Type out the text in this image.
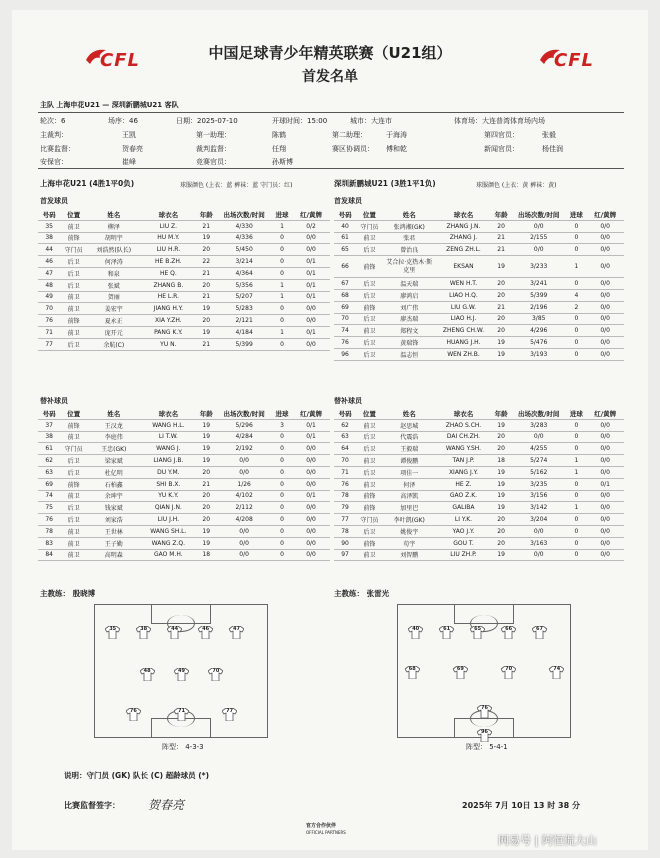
CFL	CFL
中国足球青少年精英联赛（U21组）
首发名单
主队 上海申花U21 — 深圳新鹏城U21 客队
轮次：6	场序：46	日期：2025-07-10	开球时间：15:00	城市：大连市	体育场：大连普湾体育场内场
主裁判：	王凯	第一助理：	陈鹤	第二助理：	于海涛	第四官员：	张毅
比赛监督：	贺春亮	裁判监督：	任翔	赛区协调员： 傅和乾	新闻官员：	杨佳润
安保官：	崔峰	竞赛官员：	孙斯博
上海申花U21 (4胜1平0负)	球服颜色 (上衣：蓝 裤袜：蓝 守门员：红)	深圳新鹏城U21 (3胜1平1负)	球服颜色 (上衣：黄 裤袜：黄)
首发球员	首发球员
号码	位置	姓名	球衣名	年龄	出场次数/时间	进球	红/黄牌
35	前卫	柳泽	LIU Z.	21	4/330	1	0/2
38	前锋	胡明宇	HU M.Y.	19	4/336	0	0/0
44	守门员	刘浩然(队长)	LIU H.R.	20	5/450	0	0/0
46	后卫	何泽涛	HE B.ZH.	22	3/214	0	0/1
47	后卫	和泉	HE Q.	21	4/364	0	0/1
48	后卫	张斌	ZHANG B.	20	5/356	1	0/1
49	前卫	贺丽	HE L.R.	21	5/207	1	0/1
70	前卫	姜宏宇	JIANG H.Y.	19	5/283	0	0/0
76	前锋	夏永正	XIA Y.ZH.	20	2/121	0	0/0
71	前卫	庞开元	PANG K.Y.	19	4/184	1	0/1
77	后卫	余航(C)	YU N.	21	5/399	0	0/0
号码	位置	姓名	球衣名	年龄	出场次数/时间	进球	红/黄牌
40	守门员	张鸿湘(GK)	ZHANG J.N.	20	0/0	0	0/0
61	前卫	张君	ZHANG J.	21	2/155	0	0/0
65	后卫	曾治良	ZENG ZH.L.	21	0/0	0	0/0
66	前锋	艾合拉·克热木·斯克里	EKSAN	19	3/233	1	0/0
67	后卫	温天瑞	WEN H.T.	20	3/241	0	0/0
68	后卫	廖鸿启	LIAO H.Q.	20	5/399	4	0/0
69	前锋	刘广伟	LIU G.W.	21	2/196	2	0/0
70	后卫	廖杰瑞	LIAO H.J.	20	3/85	0	0/0
74	前卫	郑程文	ZHENG CH.W.	20	4/296	0	0/0
76	后卫	黄瑞锋	HUANG J.H.	19	5/476	0	0/0
96	后卫	温志恒	WEN ZH.B.	19	3/193	0	0/0
替补球员	替补球员
号码	位置	姓名	球衣名	年龄	出场次数/时间	进球	红/黄牌
37	前锋	王汉龙	WANG H.L.	19	5/296	3	0/1
38	前卫	李庭伟	LI T.W.	19	4/284	0	0/1
61	守门员	王忠(GK)	WANG J.	19	2/192	0	0/0
62	后卫	梁家斌	LIANG J.B.	19	0/0	0	0/0
63	后卫	杜亿明	DU Y.M.	20	0/0	0	0/0
69	前锋	石柏鑫	SHI B.X.	21	1/26	0	0/0
74	前卫	余坤宇	YU K.Y.	20	4/102	0	0/1
75	后卫	钱家斌	QIAN J.N.	20	2/112	0	0/0
76	后卫	刘家浩	LIU J.H.	20	4/208	0	0/0
78	前卫	王世林	WANG SH.L.	19	0/0	0	0/0
83	前卫	王子勤	WANG Z.Q.	19	0/0	0	0/0
84	前卫	高明森	GAO M.H.	18	0/0	0	0/0
号码	位置	姓名	球衣名	年龄	出场次数/时间	进球	红/黄牌
62	前卫	赵思城	ZHAO S.CH.	19	3/283	0	0/0
63	后卫	代震浩	DAI CH.ZH.	20	0/0	0	0/0
64	后卫	王毅瑞	WANG Y.SH.	20	4/255	0	0/0
70	前卫	谭俊鹏	TAN J.P.	18	5/274	1	0/0
71	后卫	项佳一	XIANG J.Y.	19	5/162	1	0/0
76	前卫	何泽	HE Z.	19	3/235	0	0/1
78	前锋	高泽凯	GAO Z.K.	19	3/156	0	0/0
79	前锋	加里巴	GALIBA	19	3/142	1	0/0
77	守门员	李叶凯(GK)	LI Y.K.	20	3/204	0	0/0
78	后卫	姚俊宇	YAO J.Y.	20	0/0	0	0/0
90	前锋	苟宇	GOU T.	20	3/163	0	0/0
97	前卫	刘智鹏	LIU ZH.P.	19	0/0	0	0/0
主教练： 殷晓博	主教练： 张雷光
35	38	44	46	47
48	49	70
76	71	77
40	61	65	66	67
68	69	70	74
76
96
阵型： 4-3-3	阵型： 5-4-1
说明：守门员 (GK) 队长 (C) 超龄球员 (*)
比赛监督签字： 贺春亮	2025年 7月 10日 13 时 38 分
官方合作伙伴
OFFICIAL PARTNERS
网易号 | 阿恒侃大山
